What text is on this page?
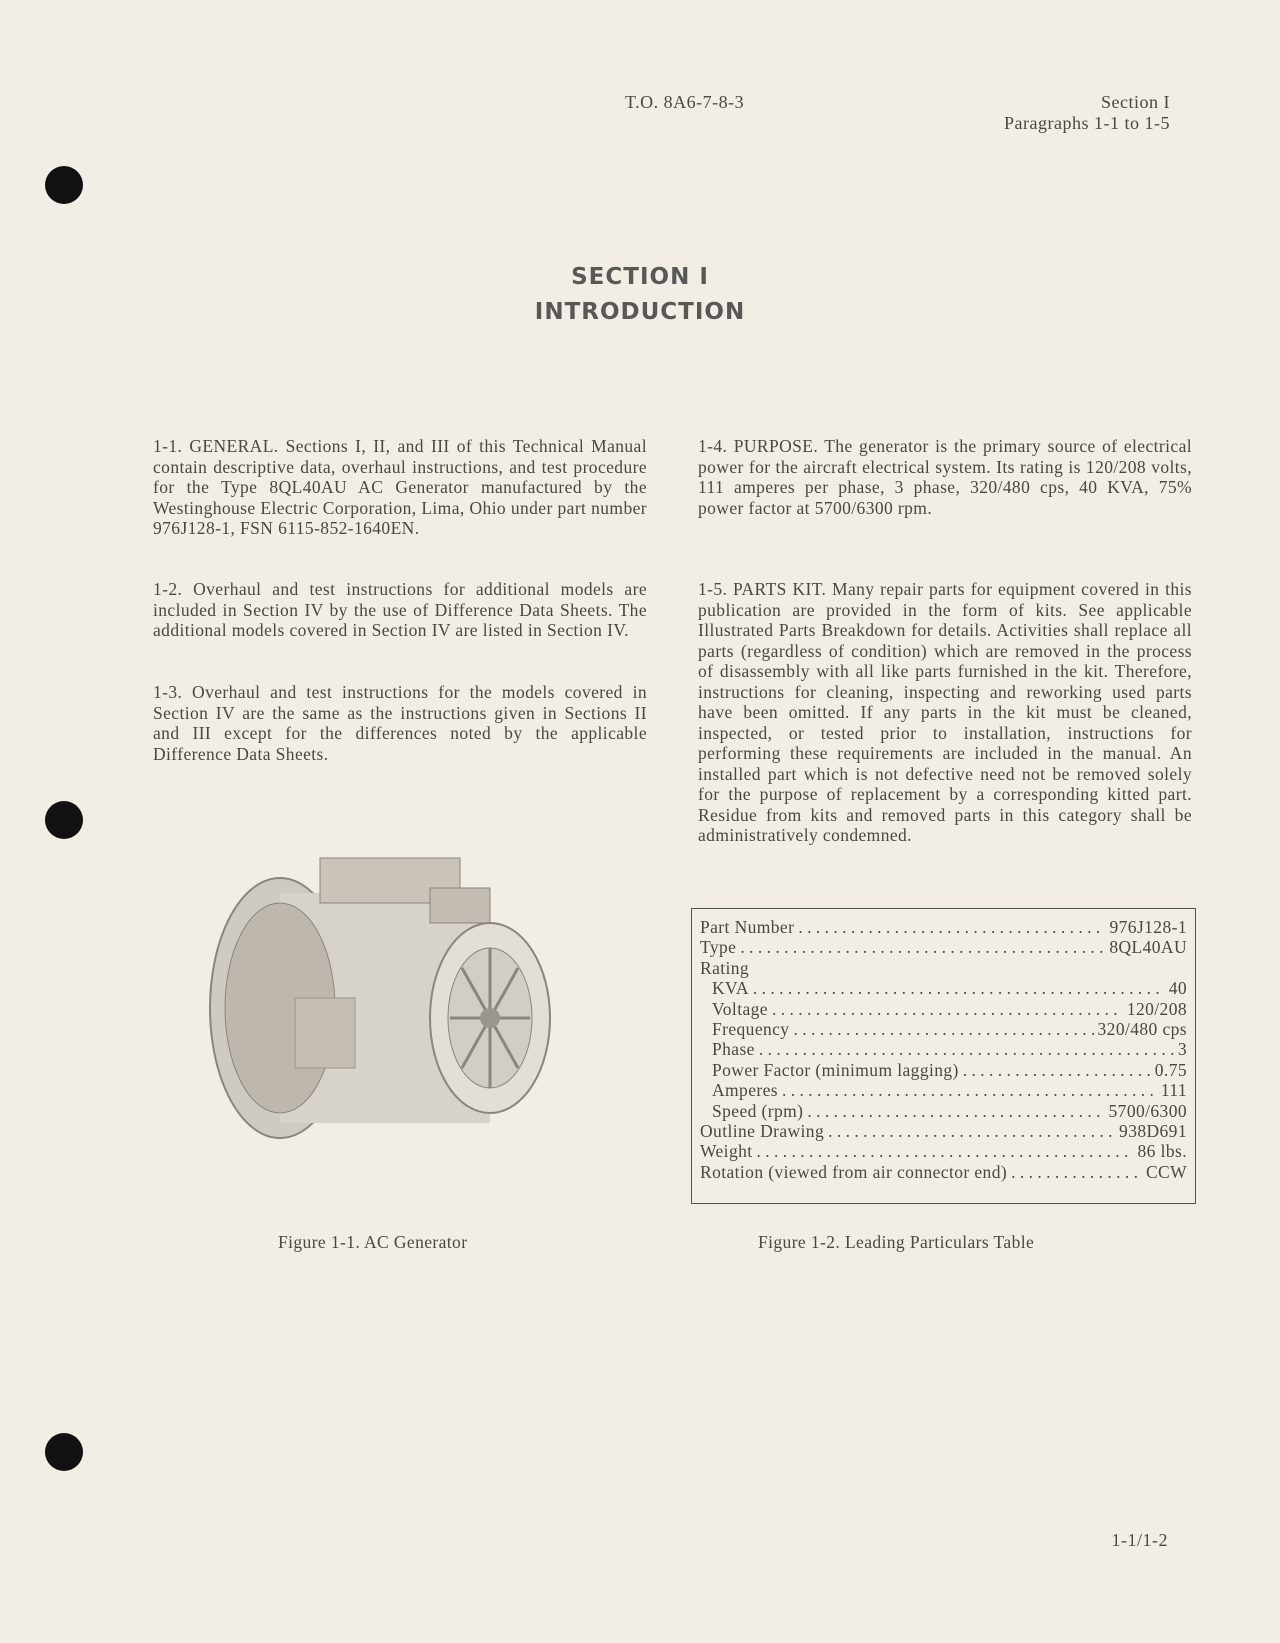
T.O. 8A6-7-8-3	Section I
Paragraphs 1-1 to 1-5
SECTION I
INTRODUCTION

1-1. GENERAL. Sections I, II, and III of this Technical Manual contain descriptive data, overhaul instructions, and test procedure for the Type 8QL40AU AC Generator manufactured by the Westinghouse Electric Corporation, Lima, Ohio under part number 976J128-1, FSN 6115-852-1640EN.

1-2. Overhaul and test instructions for additional models are included in Section IV by the use of Difference Data Sheets. The additional models covered in Section IV are listed in Section IV.

1-3. Overhaul and test instructions for the models covered in Section IV are the same as the instructions given in Sections II and III except for the differences noted by the applicable Difference Data Sheets.

1-4. PURPOSE. The generator is the primary source of electrical power for the aircraft electrical system. Its rating is 120/208 volts, 111 amperes per phase, 3 phase, 320/480 cps, 40 KVA, 75% power factor at 5700/6300 rpm.

1-5. PARTS KIT. Many repair parts for equipment covered in this publication are provided in the form of kits. See applicable Illustrated Parts Breakdown for details. Activities shall replace all parts (regardless of condition) which are removed in the process of disassembly with all like parts furnished in the kit. Therefore, instructions for cleaning, inspecting and reworking used parts have been omitted. If any parts in the kit must be cleaned, inspected, or tested prior to installation, instructions for performing these requirements are included in the manual. An installed part which is not defective need not be removed solely for the purpose of replacement by a corresponding kitted part. Residue from kits and removed parts in this category shall be administratively condemned.

Figure 1-1. AC Generator
Part Number . . .	976J128-1
Type . . .	8QL40AU
Rating
KVA . . .	40
Voltage . . .	120/208
Frequency . . .	320/480 cps
Phase . . .	3
Power Factor (minimum lagging) . . .	0.75
Amperes . . .	111
Speed (rpm) . . .	5700/6300
Outline Drawing . . .	938D691
Weight . . .	86 lbs.
Rotation (viewed from air connector end) . . .	CCW
Figure 1-2. Leading Particulars Table
1-1/1-2
